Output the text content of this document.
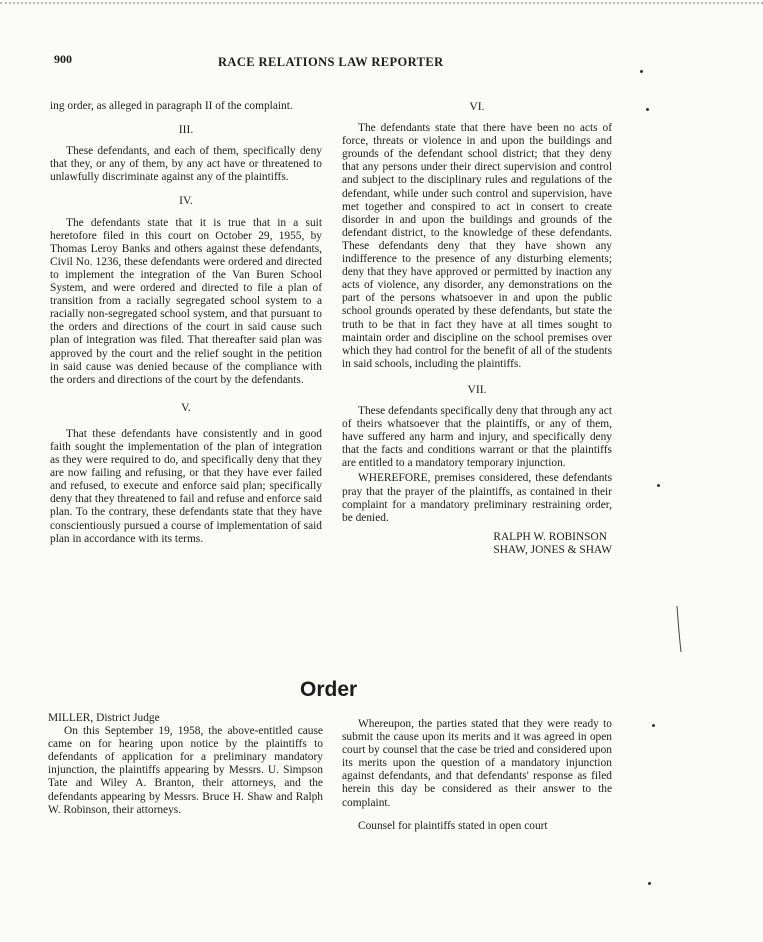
900	RACE RELATIONS LAW REPORTER

ing order, as alleged in paragraph II of the complaint.

III.

These defendants, and each of them, specifically deny that they, or any of them, by any act have or threatened to unlawfully discriminate against any of the plaintiffs.

IV.

The defendants state that it is true that in a suit heretofore filed in this court on October 29, 1955, by Thomas Leroy Banks and others against these defendants, Civil No. 1236, these defendants were ordered and directed to implement the integration of the Van Buren School System, and were ordered and directed to file a plan of transition from a racially segregated school system to a racially non-segregated school system, and that pursuant to the orders and directions of the court in said cause such plan of integration was filed. That thereafter said plan was approved by the court and the relief sought in the petition in said cause was denied because of the compliance with the orders and directions of the court by the defendants.

V.

That these defendants have consistently and in good faith sought the implementation of the plan of integration as they were required to do, and specifically deny that they are now failing and refusing, or that they have ever failed and refused, to execute and enforce said plan; specifically deny that they threatened to fail and refuse and enforce said plan. To the contrary, these defendants state that they have conscientiously pursued a course of implementation of said plan in accordance with its terms.

VI.

The defendants state that there have been no acts of force, threats or violence in and upon the buildings and grounds of the defendant school district; that they deny that any persons under their direct supervision and control and subject to the disciplinary rules and regulations of the defendant, while under such control and supervision, have met together and conspired to act in consert to create disorder in and upon the buildings and grounds of the defendant district, to the knowledge of these defendants. These defendants deny that they have shown any indifference to the presence of any disturbing elements; deny that they have approved or permitted by inaction any acts of violence, any disorder, any demonstrations on the part of the persons whatsoever in and upon the public school grounds operated by these defendants, but state the truth to be that in fact they have at all times sought to maintain order and discipline on the school premises over which they had control for the benefit of all of the students in said schools, including the plaintiffs.

VII.

These defendants specifically deny that through any act of theirs whatsoever that the plaintiffs, or any of them, have suffered any harm and injury, and specifically deny that the facts and conditions warrant or that the plaintiffs are entitled to a mandatory temporary injunction.

WHEREFORE, premises considered, these defendants pray that the prayer of the plaintiffs, as contained in their complaint for a mandatory preliminary restraining order, be denied.

RALPH W. ROBINSON
SHAW, JONES & SHAW
Order

MILLER, District Judge

On this September 19, 1958, the above-entitled cause came on for hearing upon notice by the plaintiffs to defendants of application for a preliminary mandatory injunction, the plaintiffs appearing by Messrs. U. Simpson Tate and Wiley A. Branton, their attorneys, and the defendants appearing by Messrs. Bruce H. Shaw and Ralph W. Robinson, their attorneys.

Whereupon, the parties stated that they were ready to submit the cause upon its merits and it was agreed in open court by counsel that the case be tried and considered upon its merits upon the question of a mandatory injunction against defendants, and that defendants' response as filed herein this day be considered as their answer to the complaint.

Counsel for plaintiffs stated in open court
